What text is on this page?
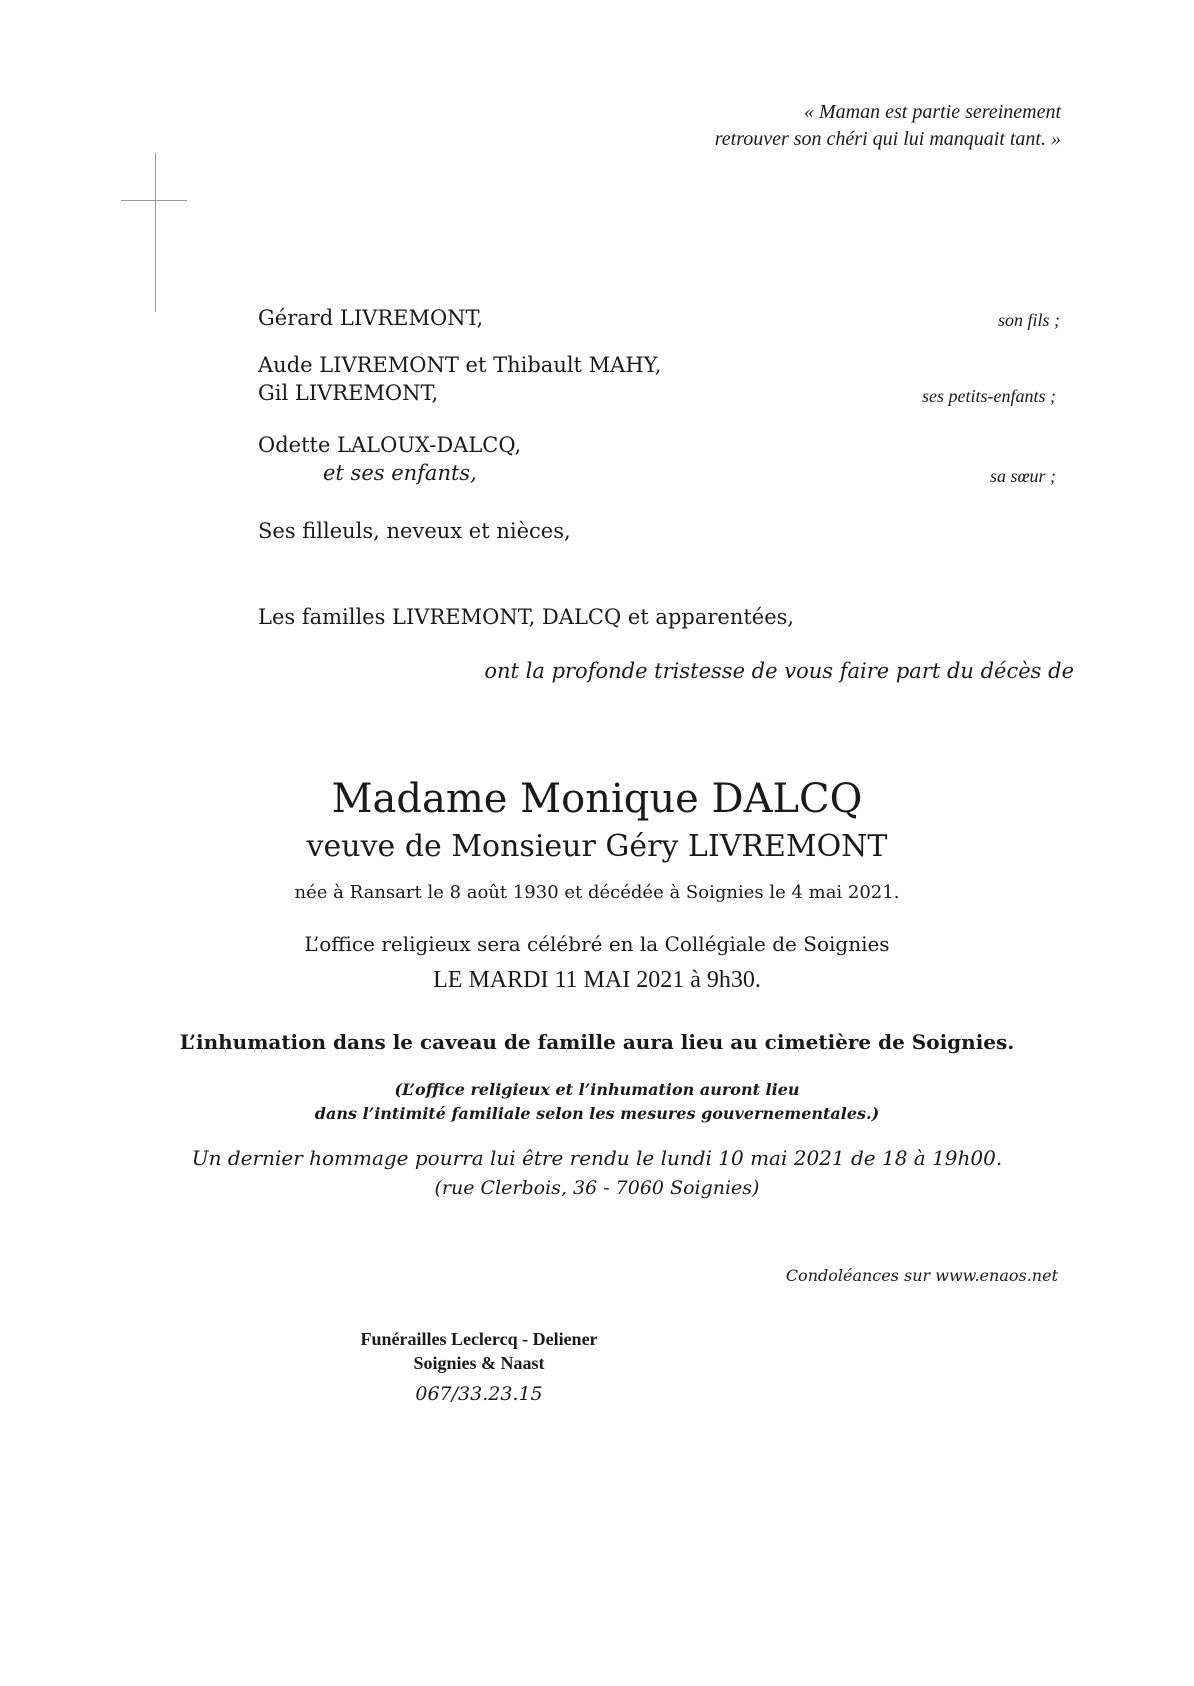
« Maman est partie sereinement
retrouver son chéri qui lui manquait tant. »
Gérard LIVREMONT,	son fils ;
Aude LIVREMONT et Thibault MAHY,
Gil LIVREMONT,	ses petits-enfants ;
Odette LALOUX-DALCQ,
et ses enfants,	sa sœur ;
Ses filleuls, neveux et nièces,
Les familles LIVREMONT, DALCQ et apparentées,
ont la profonde tristesse de vous faire part du décès de
Madame Monique DALCQ
veuve de Monsieur Géry LIVREMONT
née à Ransart le 8 août 1930 et décédée à Soignies le 4 mai 2021.
L’office religieux sera célébré en la Collégiale de Soignies
LE MARDI 11 MAI 2021 à 9h30.
L’inhumation dans le caveau de famille aura lieu au cimetière de Soignies.
(L’office religieux et l’inhumation auront lieu
dans l’intimité familiale selon les mesures gouvernementales.)
Un dernier hommage pourra lui être rendu le lundi 10 mai 2021 de 18 à 19h00.
(rue Clerbois, 36 - 7060 Soignies)
Condoléances sur www.enaos.net
Funérailles Leclercq - Deliener
Soignies & Naast
067/33.23.15
